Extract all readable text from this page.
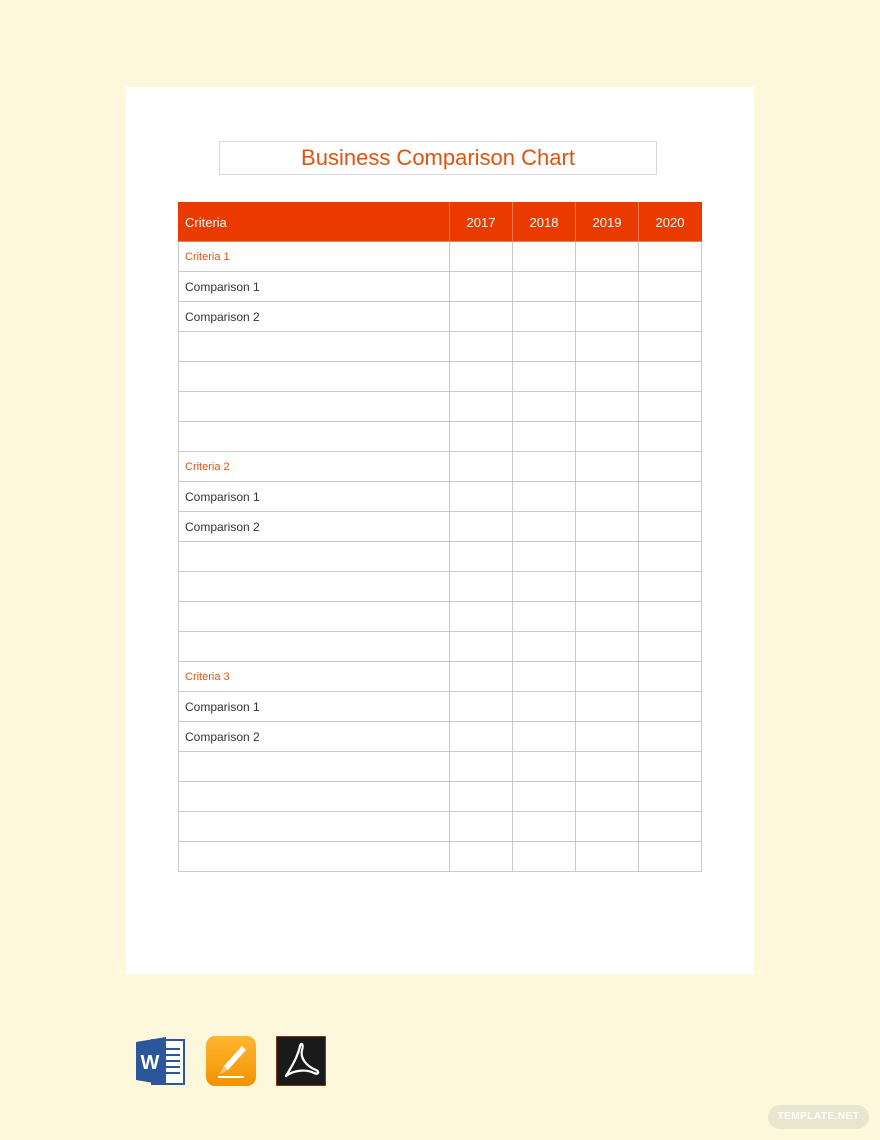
Business Comparison Chart
Criteria	2017	2018	2019	2020
Criteria 1				
Comparison 1				
Comparison 2				

Criteria 2				
Comparison 1				
Comparison 2				

Criteria 3				
Comparison 1				
Comparison 2				

W
TEMPLATE.NET
